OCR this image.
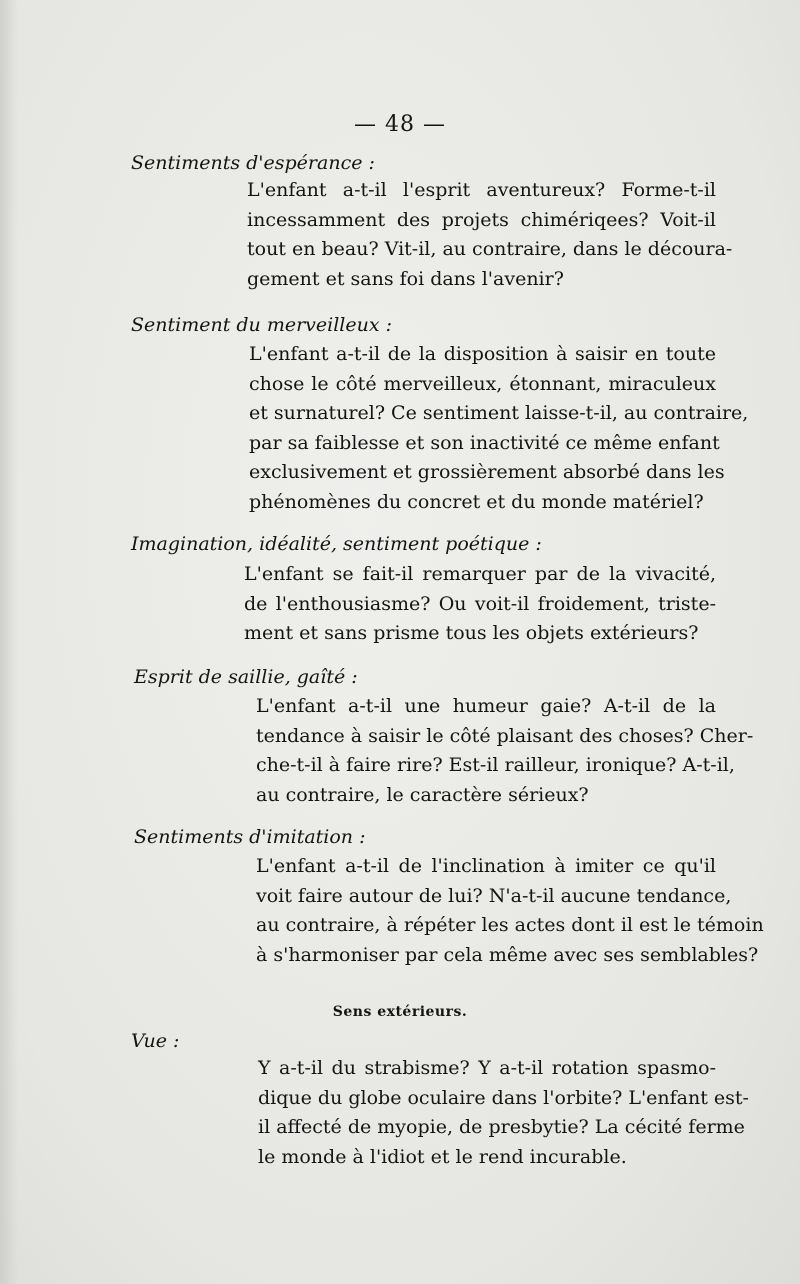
— 48 —
Sentiments d'espérance :
L'enfant a-t-il l'esprit aventureux? Forme-t-il
incessamment des projets chimériqees? Voit-il
tout en beau? Vit-il, au contraire, dans le découra-
gement et sans foi dans l'avenir?
Sentiment du merveilleux :
L'enfant a-t-il de la disposition à saisir en toute
chose le côté merveilleux, étonnant, miraculeux
et surnaturel? Ce sentiment laisse-t-il, au contraire,
par sa faiblesse et son inactivité ce même enfant
exclusivement et grossièrement absorbé dans les
phénomènes du concret et du monde matériel?
Imagination, idéalité, sentiment poétique :
L'enfant se fait-il remarquer par de la vivacité,
de l'enthousiasme? Ou voit-il froidement, triste-
ment et sans prisme tous les objets extérieurs?
Esprit de saillie, gaîté :
L'enfant a-t-il une humeur gaie? A-t-il de la
tendance à saisir le côté plaisant des choses? Cher-
che-t-il à faire rire? Est-il railleur, ironique? A-t-il,
au contraire, le caractère sérieux?
Sentiments d'imitation :
L'enfant a-t-il de l'inclination à imiter ce qu'il
voit faire autour de lui? N'a-t-il aucune tendance,
au contraire, à répéter les actes dont il est le témoin
à s'harmoniser par cela même avec ses semblables?
Sens extérieurs.
Vue :
Y a-t-il du strabisme? Y a-t-il rotation spasmo-
dique du globe oculaire dans l'orbite? L'enfant est-
il affecté de myopie, de presbytie? La cécité ferme
le monde à l'idiot et le rend incurable.
